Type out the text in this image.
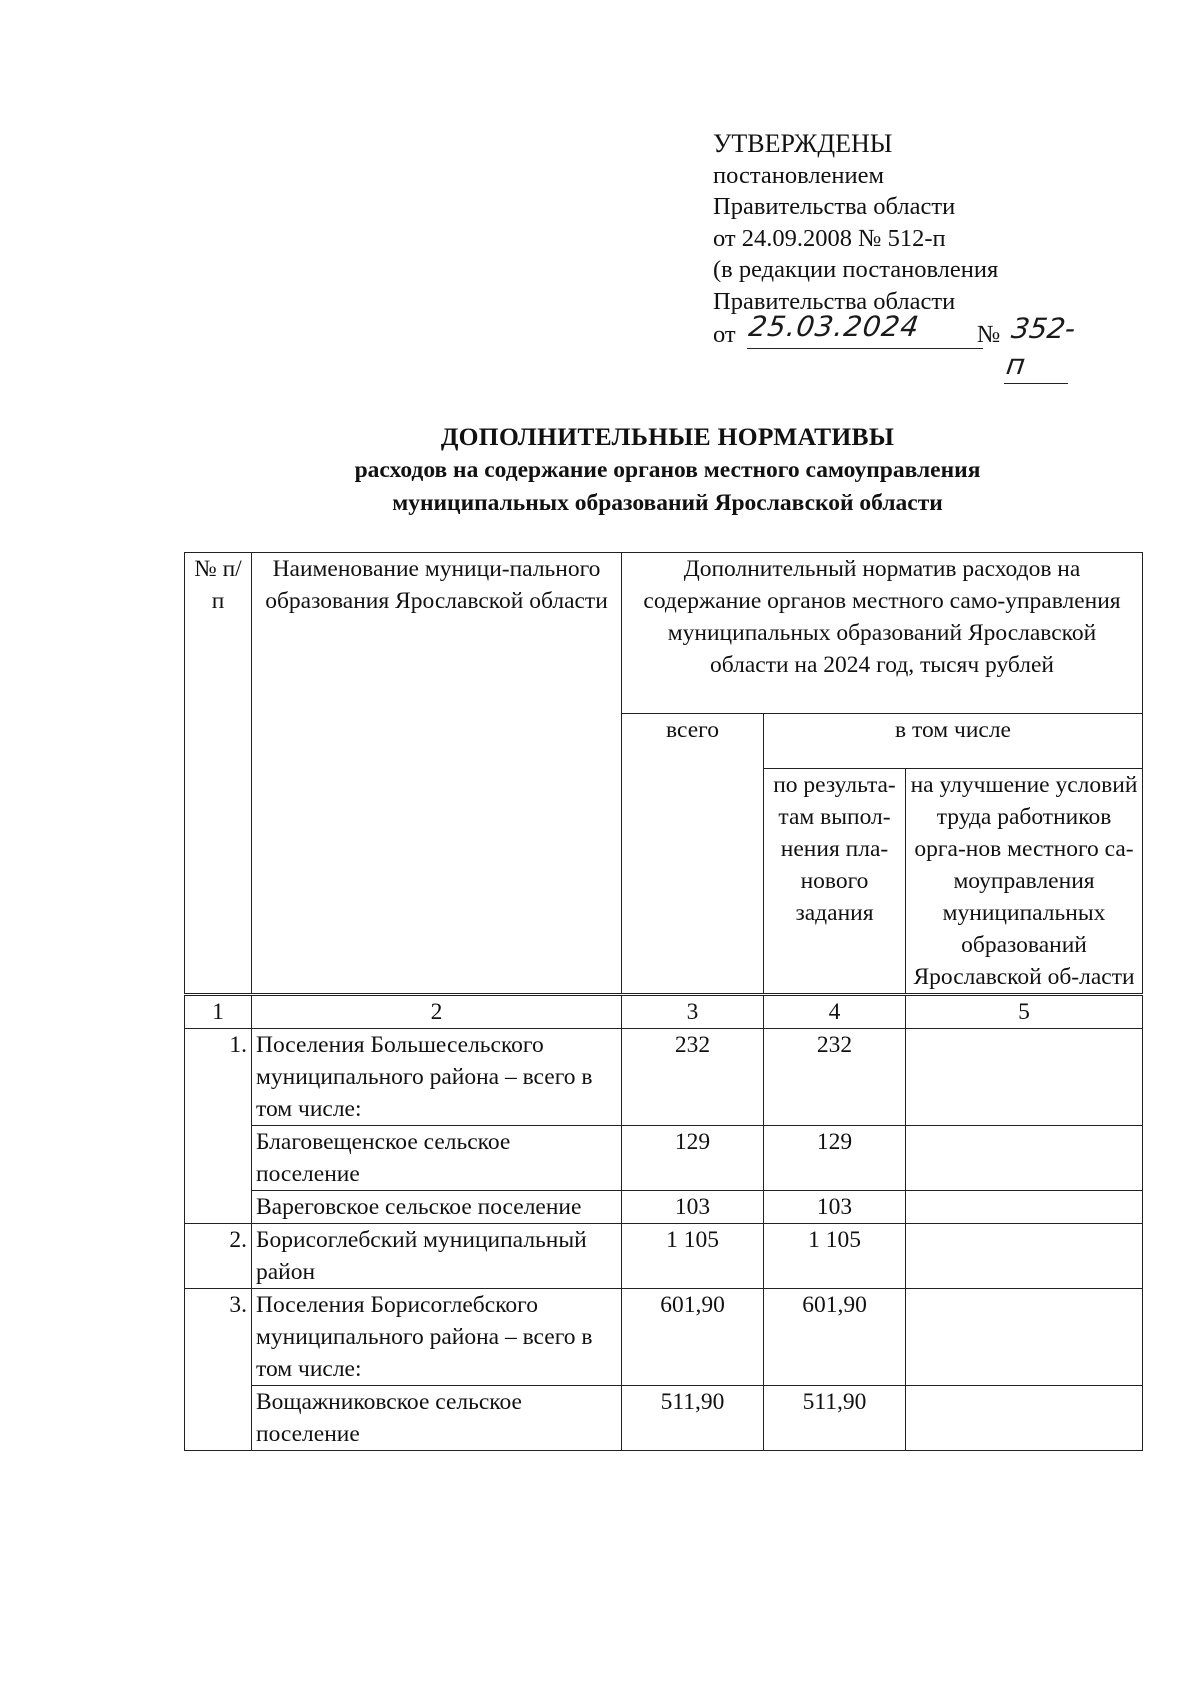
УТВЕРЖДЕНЫ
постановлением
Правительства области
от 24.09.2008 № 512-п
(в редакции постановления
Правительства области
от 25.03.2024 № 352-п
ДОПОЛНИТЕЛЬНЫЕ НОРМАТИВЫ
расходов на содержание органов местного самоуправления
муниципальных образований Ярославской области
№ п/п	Наименование муници-пального образования Ярославской области	Дополнительный норматив расходов на содержание органов местного само-управления муниципальных образований Ярославской области на 2024 год, тысяч рублей		
		всего	в том числе	
			по результа-там выпол-нения пла-нового задания	на улучшение условий труда работников орга-нов местного са-моуправления муниципальных образований Ярославской об-ласти
1	2	3	4	5
1.	Поселения Большесельского муниципального района – всего в том числе:	232	232	
	Благовещенское сельское поселение	129	129	
	Вареговское сельское поселение	103	103	
2.	Борисоглебский муниципальный район	1 105	1 105	
3.	Поселения Борисоглебского муниципального района – всего в том числе:	601,90	601,90	
	Вощажниковское сельское поселение	511,90	511,90	
